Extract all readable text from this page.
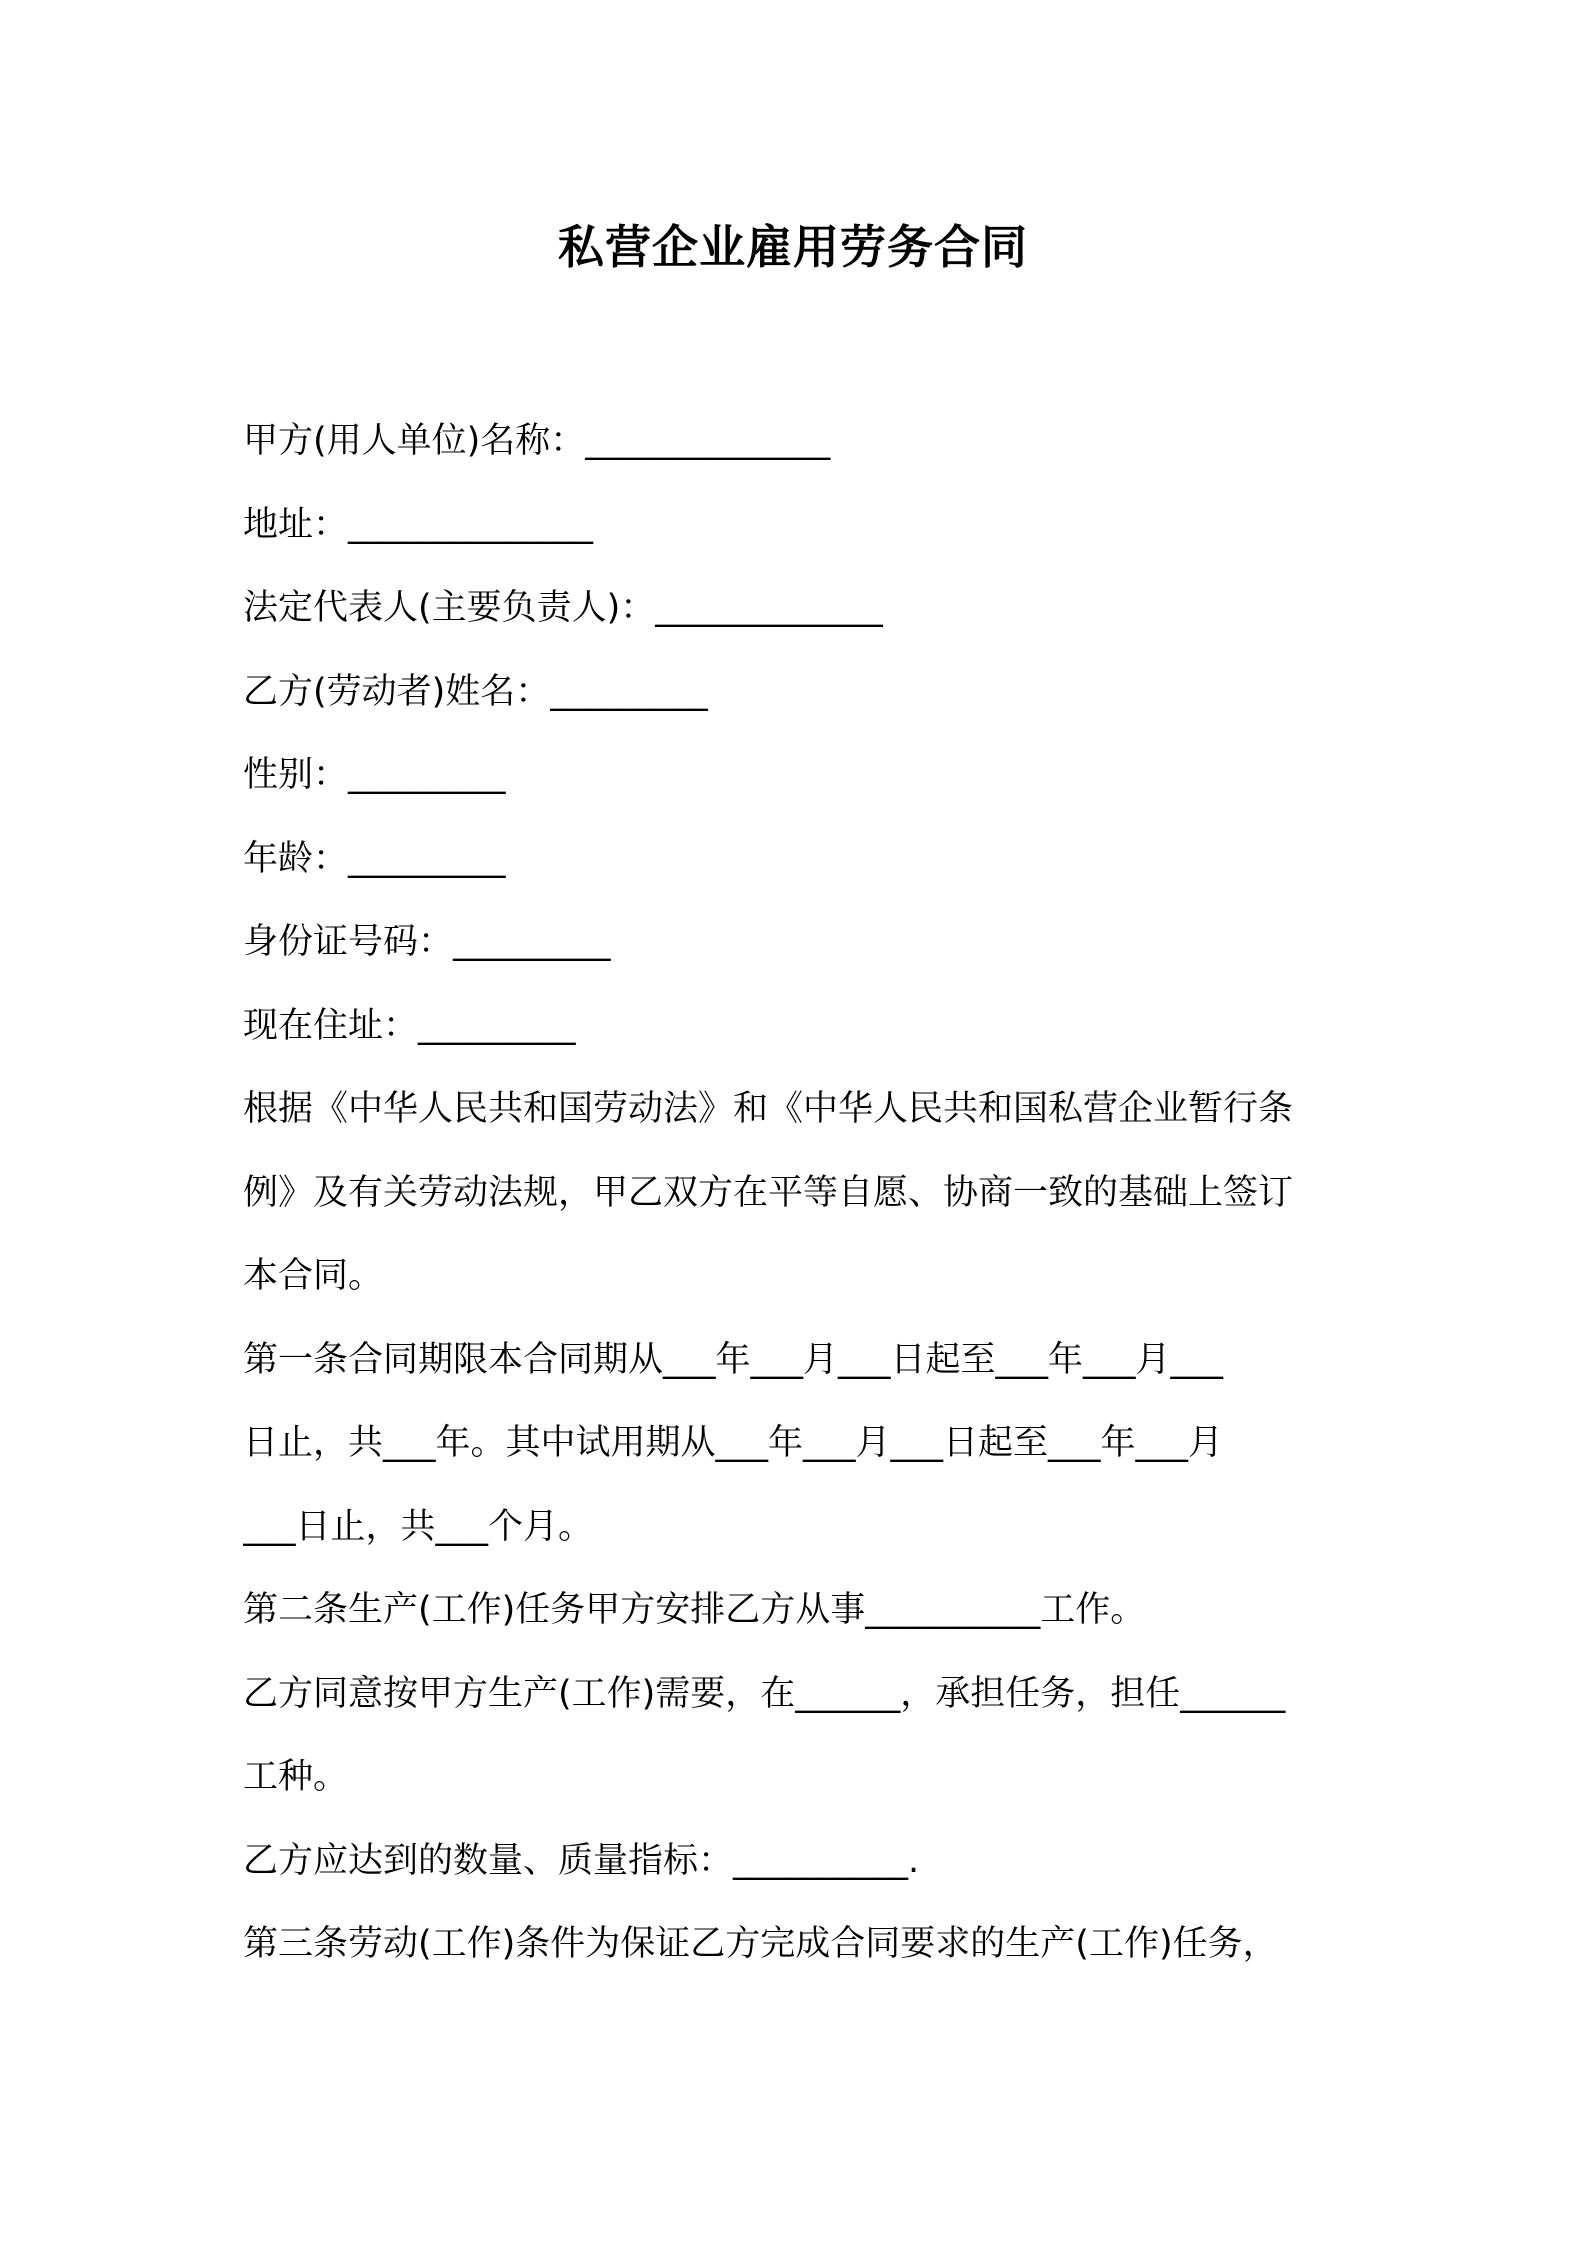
私营企业雇用劳务合同

甲方(用人单位)名称：______________

地址：______________

法定代表人(主要负责人)：_____________

乙方(劳动者)姓名：_________

性别：_________

年龄：_________

身份证号码：_________

现在住址：_________

根据《中华人民共和国劳动法》和《中华人民共和国私营企业暂行条

例》及有关劳动法规，甲乙双方在平等自愿、协商一致的基础上签订

本合同。

第一条合同期限本合同期从___年___月___日起至___年___月___

日止，共___年。其中试用期从___年___月___日起至___年___月

___日止，共___个月。

第二条生产(工作)任务甲方安排乙方从事__________工作。

乙方同意按甲方生产(工作)需要，在______，承担任务，担任______

工种。

乙方应达到的数量、质量指标：__________.

第三条劳动(工作)条件为保证乙方完成合同要求的生产(工作)任务，
